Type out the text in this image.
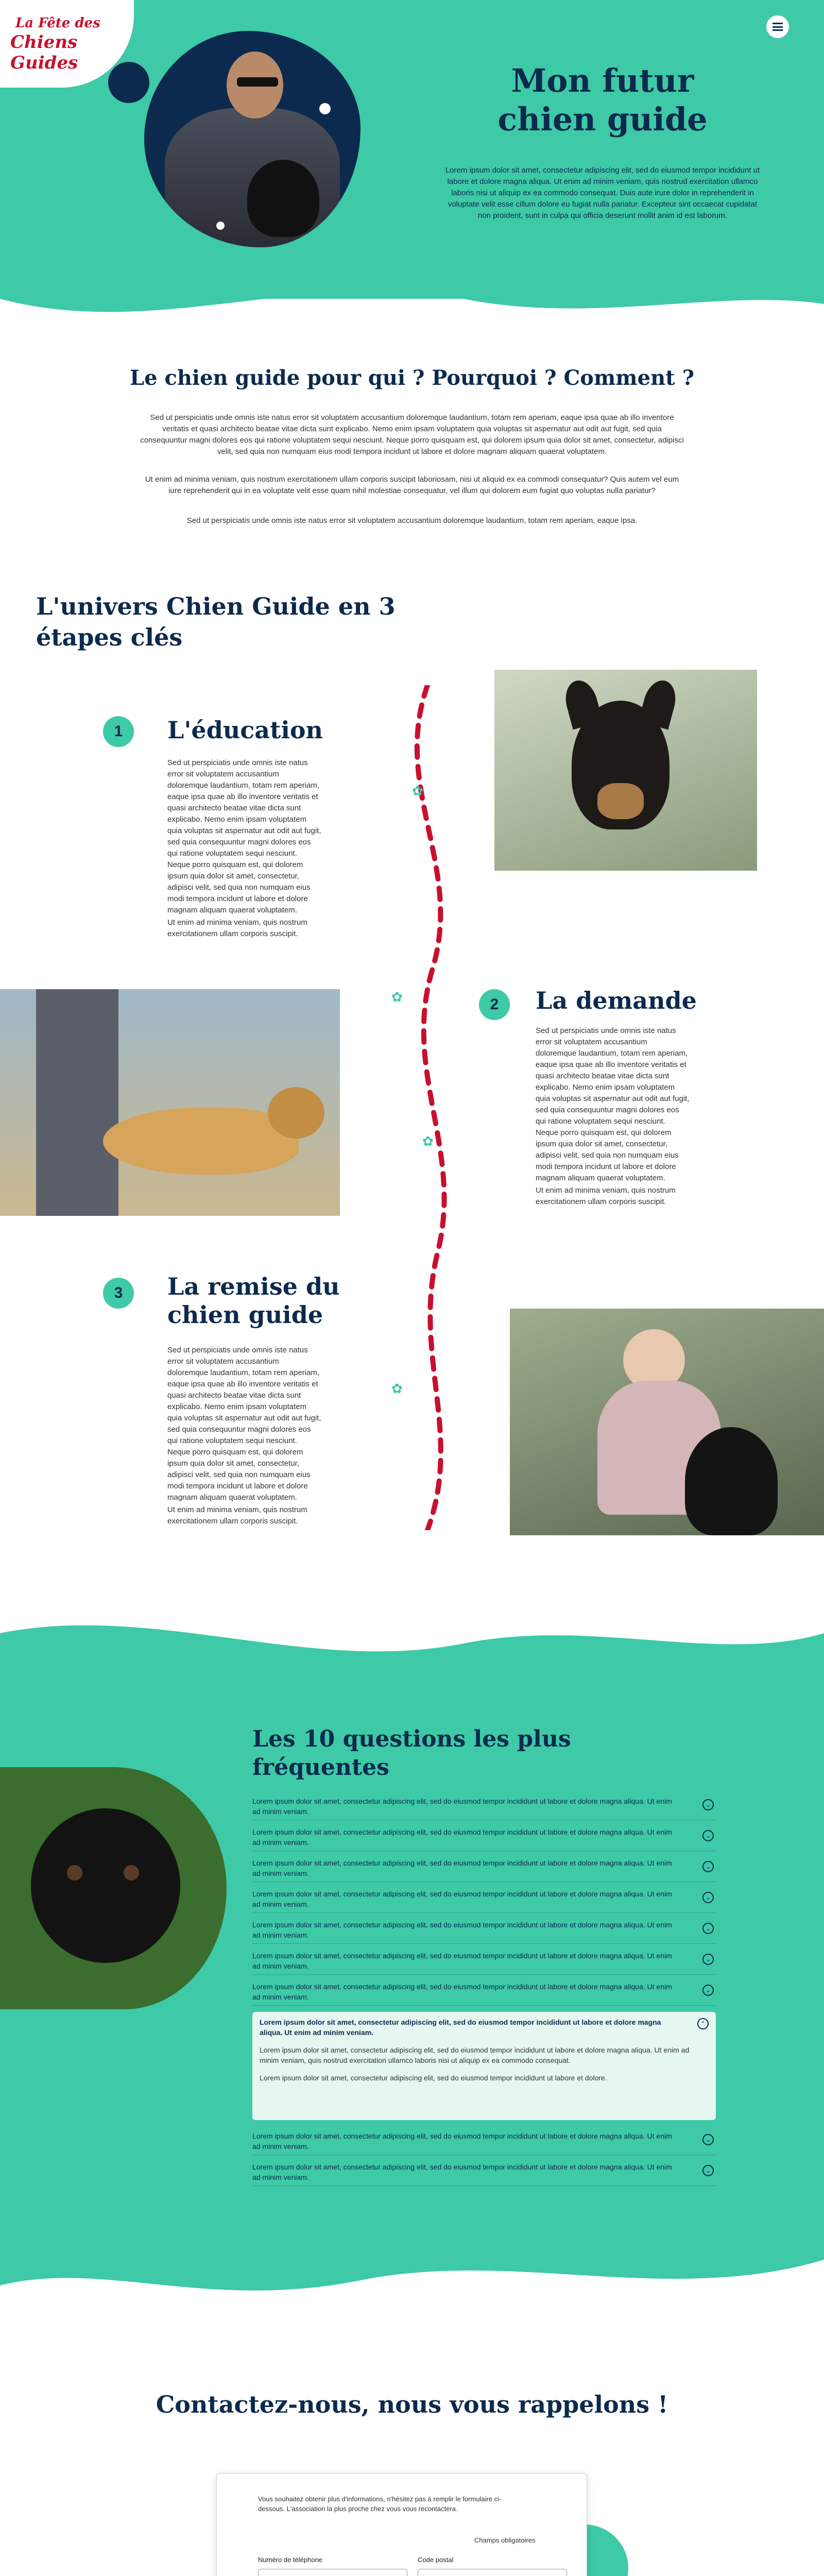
La Fête des
Chiens Guides	Mon futur
chien guide
Lorem ipsum dolor sit amet, consectetur adipiscing elit, sed do eiusmod tempor incididunt ut labore et dolore magna aliqua. Ut enim ad minim veniam, quis nostrud exercitation ullamco laboris nisi ut aliquip ex ea commodo consequat. Duis aute irure dolor in reprehenderit in voluptate velit esse cillum dolore eu fugiat nulla pariatur. Excepteur sint occaecat cupidatat non proident, sunt in culpa qui officia deserunt mollit anim id est laborum.
Le chien guide pour qui ? Pourquoi ? Comment ?

Sed ut perspiciatis unde omnis iste natus error sit voluptatem accusantium doloremque laudantium, totam rem aperiam, eaque ipsa quae ab illo inventore veritatis et quasi architecto beatae vitae dicta sunt explicabo. Nemo enim ipsam voluptatem quia voluptas sit aspernatur aut odit aut fugit, sed quia consequuntur magni dolores eos qui ratione voluptatem sequi nesciunt. Neque porro quisquam est, qui dolorem ipsum quia dolor sit amet, consectetur, adipisci velit, sed quia non numquam eius modi tempora incidunt ut labore et dolore magnam aliquam quaerat voluptatem.

Ut enim ad minima veniam, quis nostrum exercitationem ullam corporis suscipit laboriosam, nisi ut aliquid ex ea commodi consequatur? Quis autem vel eum iure reprehenderit qui in ea voluptate velit esse quam nihil molestiae consequatur, vel illum qui dolorem eum fugiat quo voluptas nulla pariatur?

Sed ut perspiciatis unde omnis iste natus error sit voluptatem accusantium doloremque laudantium, totam rem aperiam, eaque ipsa.

L'univers Chien Guide en 3
étapes clés
✿
✿
✿
✿
1	L'éducation

Sed ut perspiciatis unde omnis iste natus error sit voluptatem accusantium doloremque laudantium, totam rem aperiam, eaque ipsa quae ab illo inventore veritatis et quasi architecto beatae vitae dicta sunt explicabo. Nemo enim ipsam voluptatem quia voluptas sit aspernatur aut odit aut fugit, sed quia consequuntur magni dolores eos qui ratione voluptatem sequi nesciunt. Neque porro quisquam est, qui dolorem ipsum quia dolor sit amet, consectetur, adipisci velit, sed quia non numquam eius modi tempora incidunt ut labore et dolore magnam aliquam quaerat voluptatem.

Ut enim ad minima veniam, quis nostrum exercitationem ullam corporis suscipit.

2	La demande

Sed ut perspiciatis unde omnis iste natus error sit voluptatem accusantium doloremque laudantium, totam rem aperiam, eaque ipsa quae ab illo inventore veritatis et quasi architecto beatae vitae dicta sunt explicabo. Nemo enim ipsam voluptatem quia voluptas sit aspernatur aut odit aut fugit, sed quia consequuntur magni dolores eos qui ratione voluptatem sequi nesciunt. Neque porro quisquam est, qui dolorem ipsum quia dolor sit amet, consectetur, adipisci velit, sed quia non numquam eius modi tempora incidunt ut labore et dolore magnam aliquam quaerat voluptatem.

Ut enim ad minima veniam, quis nostrum exercitationem ullam corporis suscipit.

3	La remise du
chien guide

Sed ut perspiciatis unde omnis iste natus error sit voluptatem accusantium doloremque laudantium, totam rem aperiam, eaque ipsa quae ab illo inventore veritatis et quasi architecto beatae vitae dicta sunt explicabo. Nemo enim ipsam voluptatem quia voluptas sit aspernatur aut odit aut fugit, sed quia consequuntur magni dolores eos qui ratione voluptatem sequi nesciunt. Neque porro quisquam est, qui dolorem ipsum quia dolor sit amet, consectetur, adipisci velit, sed quia non numquam eius modi tempora incidunt ut labore et dolore magnam aliquam quaerat voluptatem.

Ut enim ad minima veniam, quis nostrum exercitationem ullam corporis suscipit.

Les 10 questions les plus
fréquentes
Lorem ipsum dolor sit amet, consectetur adipiscing elit, sed do eiusmod tempor incididunt ut labore et dolore magna aliqua. Ut enim ad minim veniam.
⌄
Lorem ipsum dolor sit amet, consectetur adipiscing elit, sed do eiusmod tempor incididunt ut labore et dolore magna aliqua. Ut enim ad minim veniam.
⌄
Lorem ipsum dolor sit amet, consectetur adipiscing elit, sed do eiusmod tempor incididunt ut labore et dolore magna aliqua. Ut enim ad minim veniam.
⌄
Lorem ipsum dolor sit amet, consectetur adipiscing elit, sed do eiusmod tempor incididunt ut labore et dolore magna aliqua. Ut enim ad minim veniam.
⌄
Lorem ipsum dolor sit amet, consectetur adipiscing elit, sed do eiusmod tempor incididunt ut labore et dolore magna aliqua. Ut enim ad minim veniam.
⌄
Lorem ipsum dolor sit amet, consectetur adipiscing elit, sed do eiusmod tempor incididunt ut labore et dolore magna aliqua. Ut enim ad minim veniam.
⌄
Lorem ipsum dolor sit amet, consectetur adipiscing elit, sed do eiusmod tempor incididunt ut labore et dolore magna aliqua. Ut enim ad minim veniam.
⌄
Lorem ipsum dolor sit amet, consectetur adipiscing elit, sed do eiusmod tempor incididunt ut labore et dolore magna aliqua. Ut enim ad minim veniam.
⌃
Lorem ipsum dolor sit amet, consectetur adipiscing elit, sed do eiusmod tempor incididunt ut labore et dolore magna aliqua. Ut enim ad minim veniam, quis nostrud exercitation ullamco laboris nisi ut aliquip ex ea commodo consequat.
Lorem ipsum dolor sit amet, consectetur adipiscing elit, sed do eiusmod tempor incididunt ut labore et dolore.
Lorem ipsum dolor sit amet, consectetur adipiscing elit, sed do eiusmod tempor incididunt ut labore et dolore magna aliqua. Ut enim ad minim veniam.
⌄
Lorem ipsum dolor sit amet, consectetur adipiscing elit, sed do eiusmod tempor incididunt ut labore et dolore magna aliqua. Ut enim ad minim veniam.
⌄
Contactez-nous, nous vous rappelons !
Vous souhaitez obtenir plus d'informations, n'hésitez pas à remplir le formulaire ci-dessous. L'association la plus proche chez vous vous recontactera.
Champs obligatoires
Numéro de téléphone	Code postal
